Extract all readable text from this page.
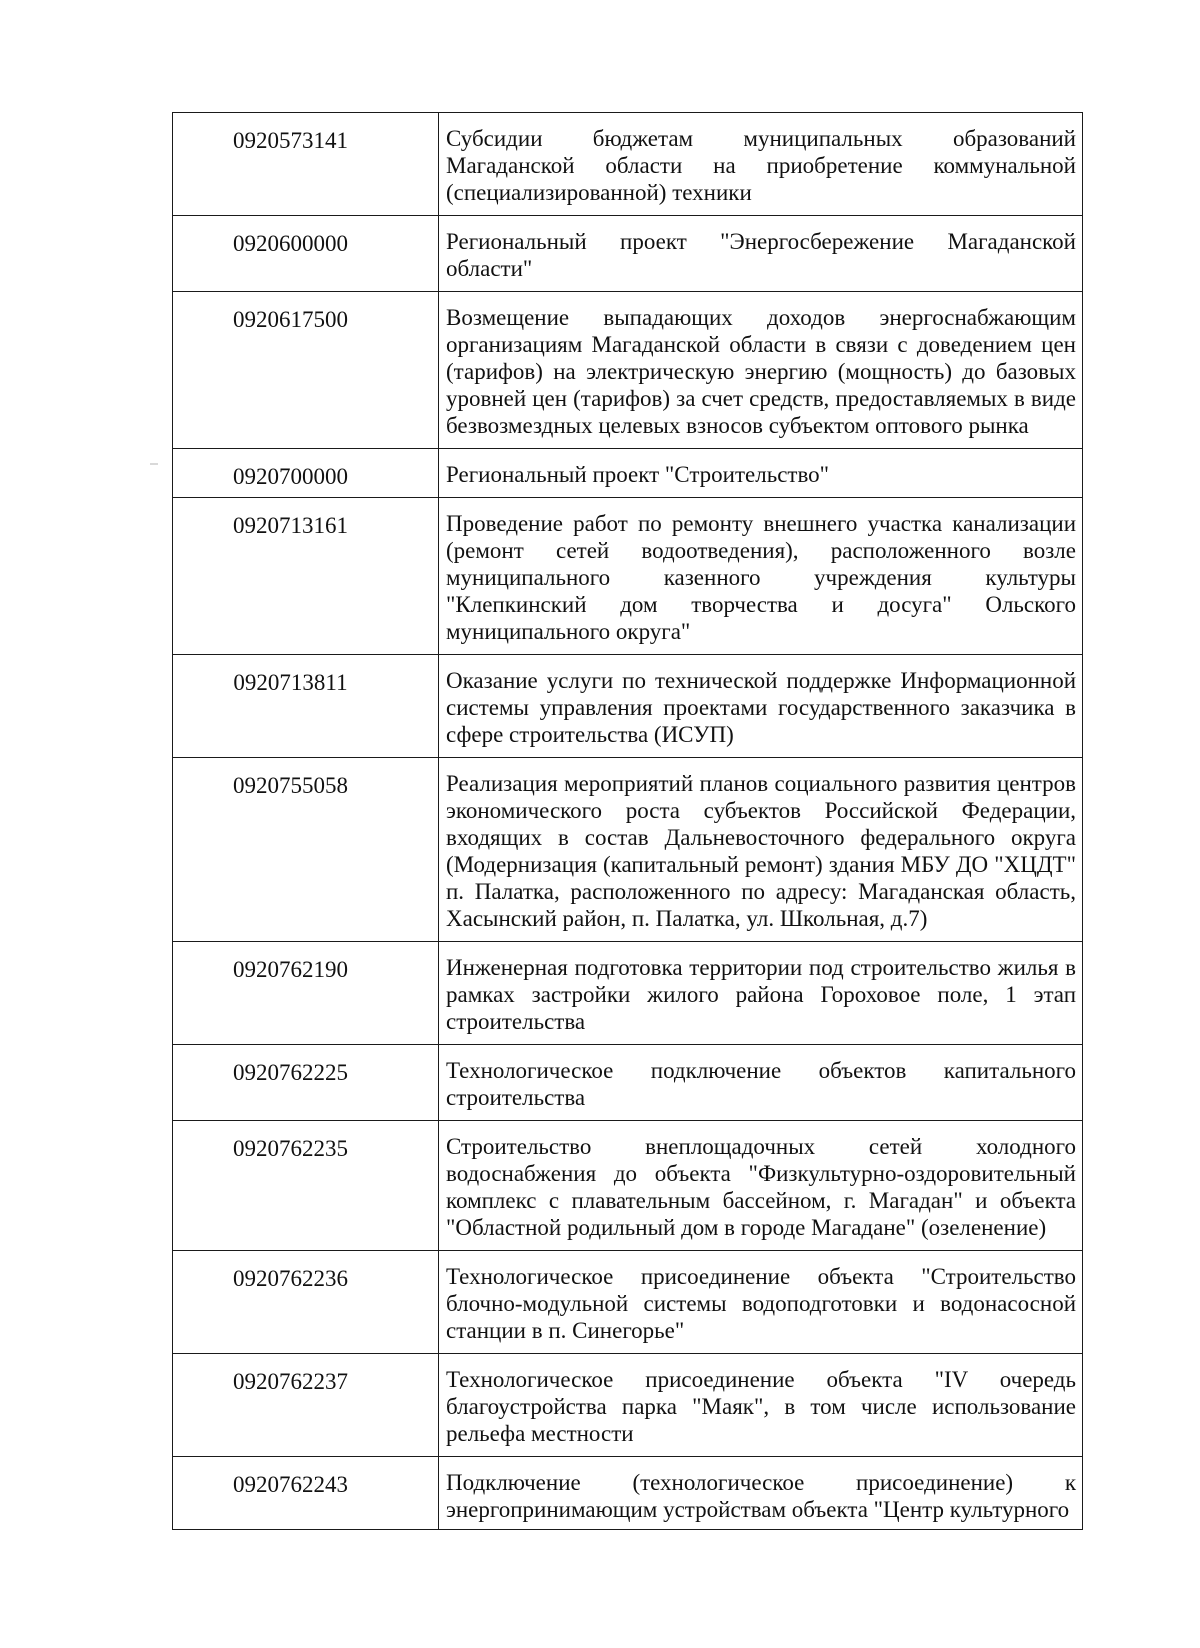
0920573141	Субсидии бюджетам муниципальных образований Магаданской области на приобретение коммунальной (специализированной) техники
0920600000	Региональный проект "Энергосбережение Магаданской области"
0920617500	Возмещение выпадающих доходов энергоснабжающим организациям Магаданской области в связи с доведением цен (тарифов) на электрическую энергию (мощность) до базовых уровней цен (тарифов) за счет средств, предоставляемых в виде безвозмездных целевых взносов субъектом оптового рынка
0920700000	Региональный проект "Строительство"
0920713161	Проведение работ по ремонту внешнего участка канализации (ремонт сетей водоотведения), расположенного возле муниципального казенного учреждения культуры "Клепкинский дом творчества и досуга" Ольского муниципального округа"
0920713811	Оказание услуги по технической поддержке Информационной системы управления проектами государственного заказчика в сфере строительства (ИСУП)
0920755058	Реализация мероприятий планов социального развития центров экономического роста субъектов Российской Федерации, входящих в состав Дальневосточного федерального округа (Модернизация (капитальный ремонт) здания МБУ ДО "ХЦДТ" п. Палатка, расположенного по адресу: Магаданская область, Хасынский район, п. Палатка, ул. Школьная, д.7)
0920762190	Инженерная подготовка территории под строительство жилья в рамках застройки жилого района Гороховое поле, 1 этап строительства
0920762225	Технологическое подключение объектов капитального строительства
0920762235	Строительство внеплощадочных сетей холодного водоснабжения до объекта "Физкультурно-оздоровительный комплекс с плавательным бассейном, г. Магадан" и объекта "Областной родильный дом в городе Магадане" (озеленение)
0920762236	Технологическое присоединение объекта "Строительство блочно-модульной системы водоподготовки и водонасосной станции в п. Синегорье"
0920762237	Технологическое присоединение объекта "IV очередь благоустройства парка "Маяк", в том числе использование рельефа местности
0920762243	Подключение (технологическое присоединение) к энергопринимающим устройствам объекта "Центр культурного
